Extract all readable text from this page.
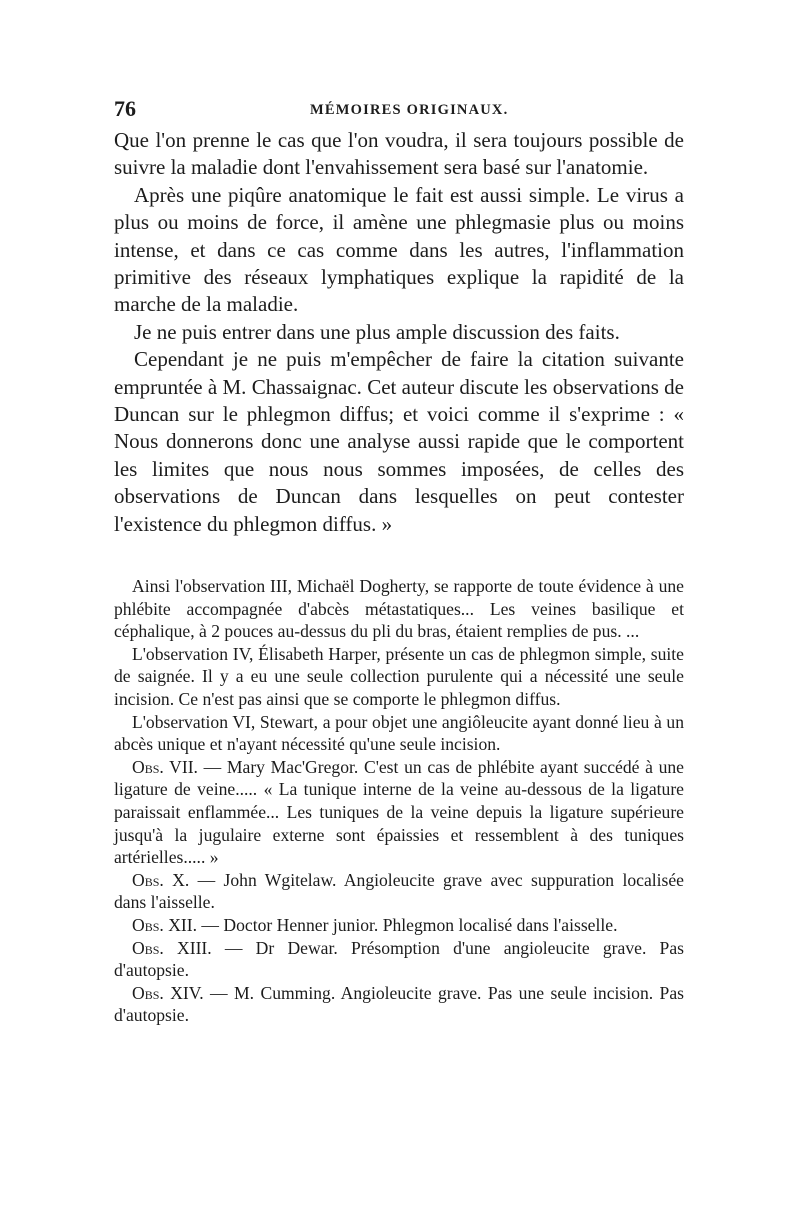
76	MÉMOIRES ORIGINAUX.

Que l'on prenne le cas que l'on voudra, il sera toujours possible de suivre la maladie dont l'envahissement sera basé sur l'anatomie.

Après une piqûre anatomique le fait est aussi simple. Le virus a plus ou moins de force, il amène une phlegmasie plus ou moins intense, et dans ce cas comme dans les autres, l'inflammation primitive des réseaux lymphatiques explique la rapidité de la marche de la maladie.

Je ne puis entrer dans une plus ample discussion des faits.

Cependant je ne puis m'empêcher de faire la citation suivante empruntée à M. Chassaignac. Cet auteur discute les observations de Duncan sur le phlegmon diffus; et voici comme il s'exprime : « Nous donnerons donc une analyse aussi rapide que le comportent les limites que nous nous sommes imposées, de celles des observations de Duncan dans lesquelles on peut contester l'existence du phlegmon diffus. »

Ainsi l'observation III, Michaël Dogherty, se rapporte de toute évidence à une phlébite accompagnée d'abcès métastatiques... Les veines basilique et céphalique, à 2 pouces au-dessus du pli du bras, étaient remplies de pus. ...

L'observation IV, Élisabeth Harper, présente un cas de phlegmon simple, suite de saignée. Il y a eu une seule collection purulente qui a nécessité une seule incision. Ce n'est pas ainsi que se comporte le phlegmon diffus.

L'observation VI, Stewart, a pour objet une angiôleucite ayant donné lieu à un abcès unique et n'ayant nécessité qu'une seule incision.

Obs. VII. — Mary Mac'Gregor. C'est un cas de phlébite ayant succédé à une ligature de veine..... « La tunique interne de la veine au-dessous de la ligature paraissait enflammée... Les tuniques de la veine depuis la ligature supérieure jusqu'à la jugulaire externe sont épaissies et ressemblent à des tuniques artérielles..... »

Obs. X. — John Wgitelaw. Angioleucite grave avec suppuration localisée dans l'aisselle.

Obs. XII. — Doctor Henner junior. Phlegmon localisé dans l'aisselle.

Obs. XIII. — Dr Dewar. Présomption d'une angioleucite grave. Pas d'autopsie.

Obs. XIV. — M. Cumming. Angioleucite grave. Pas une seule incision. Pas d'autopsie.
